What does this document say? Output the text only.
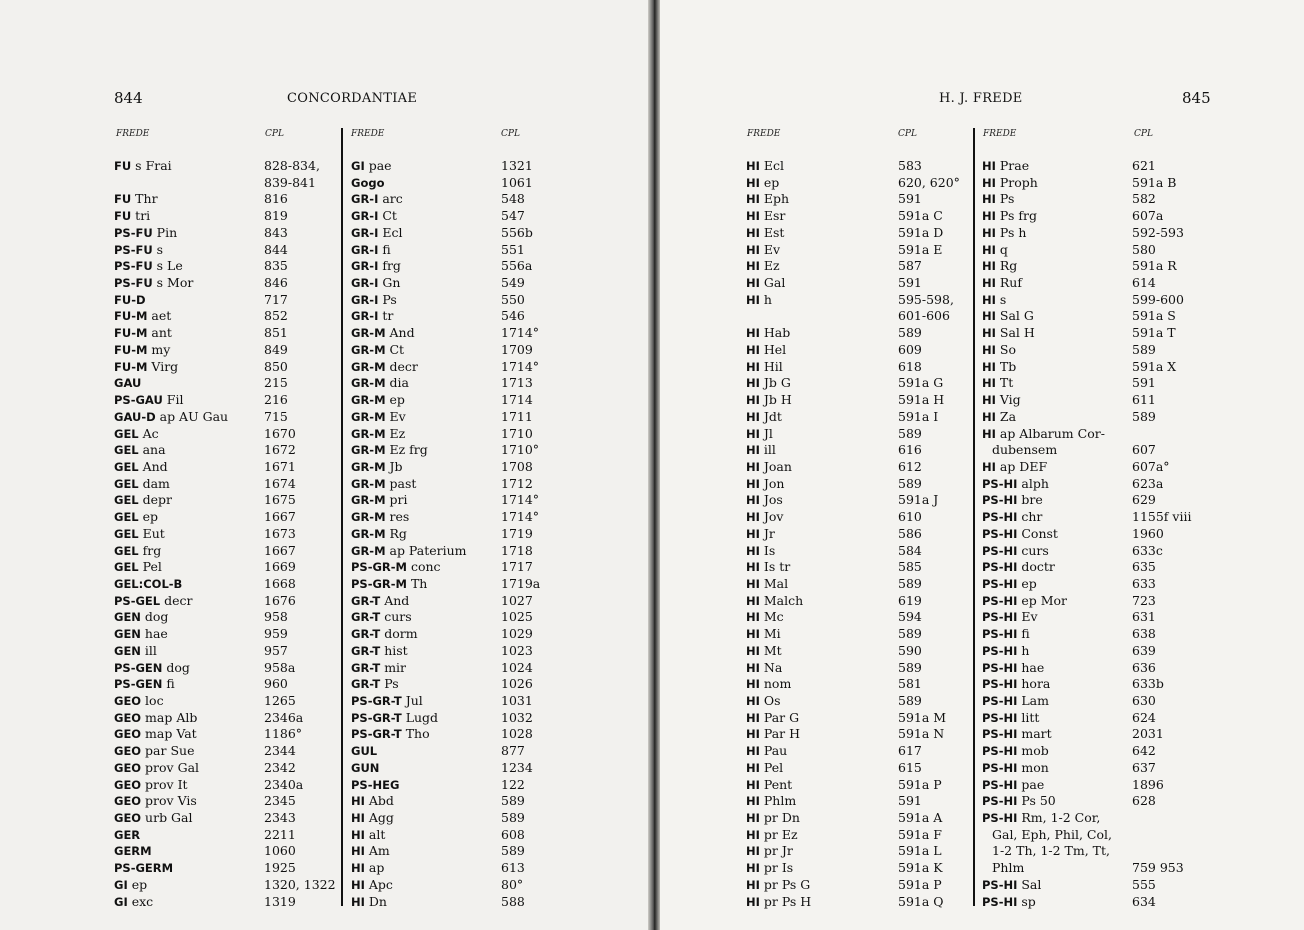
844	CONCORDANTIAE
FREDE	CPL	FREDE	CPL
FU s Frai	828-834,
839-841
FU Thr	816
FU tri	819
PS-FU Pin	843
PS-FU s	844
PS-FU s Le	835
PS-FU s Mor	846
FU-D	717
FU-M aet	852
FU-M ant	851
FU-M my	849
FU-M Virg	850
GAU	215
PS-GAU Fil	216
GAU-D ap AU Gau	715
GEL Ac	1670
GEL ana	1672
GEL And	1671
GEL dam	1674
GEL depr	1675
GEL ep	1667
GEL Eut	1673
GEL frg	1667
GEL Pel	1669
GEL:COL-B	1668
PS-GEL decr	1676
GEN dog	958
GEN hae	959
GEN ill	957
PS-GEN dog	958a
PS-GEN fi	960
GEO loc	1265
GEO map Alb	2346a
GEO map Vat	1186°
GEO par Sue	2344
GEO prov Gal	2342
GEO prov It	2340a
GEO prov Vis	2345
GEO urb Gal	2343
GER	2211
GERM	1060
PS-GERM	1925
GI ep	1320, 1322
GI exc	1319
GI pae	1321
Gogo	1061
GR-I arc	548
GR-I Ct	547
GR-I Ecl	556b
GR-I fi	551
GR-I frg	556a
GR-I Gn	549
GR-I Ps	550
GR-I tr	546
GR-M And	1714°
GR-M Ct	1709
GR-M decr	1714°
GR-M dia	1713
GR-M ep	1714
GR-M Ev	1711
GR-M Ez	1710
GR-M Ez frg	1710°
GR-M Jb	1708
GR-M past	1712
GR-M pri	1714°
GR-M res	1714°
GR-M Rg	1719
GR-M ap Paterium	1718
PS-GR-M conc	1717
PS-GR-M Th	1719a
GR-T And	1027
GR-T curs	1025
GR-T dorm	1029
GR-T hist	1023
GR-T mir	1024
GR-T Ps	1026
PS-GR-T Jul	1031
PS-GR-T Lugd	1032
PS-GR-T Tho	1028
GUL	877
GUN	1234
PS-HEG	122
HI Abd	589
HI Agg	589
HI alt	608
HI Am	589
HI ap	613
HI Apc	80°
HI Dn	588
H. J. FREDE	845
FREDE	CPL	FREDE	CPL
HI Ecl	583
HI ep	620, 620°
HI Eph	591
HI Esr	591a C
HI Est	591a D
HI Ev	591a E
HI Ez	587
HI Gal	591
HI h	595-598,
601-606
HI Hab	589
HI Hel	609
HI Hil	618
HI Jb G	591a G
HI Jb H	591a H
HI Jdt	591a I
HI Jl	589
HI ill	616
HI Joan	612
HI Jon	589
HI Jos	591a J
HI Jov	610
HI Jr	586
HI Is	584
HI Is tr	585
HI Mal	589
HI Malch	619
HI Mc	594
HI Mi	589
HI Mt	590
HI Na	589
HI nom	581
HI Os	589
HI Par G	591a M
HI Par H	591a N
HI Pau	617
HI Pel	615
HI Pent	591a P
HI Phlm	591
HI pr Dn	591a A
HI pr Ez	591a F
HI pr Jr	591a L
HI pr Is	591a K
HI pr Ps G	591a P
HI pr Ps H	591a Q
HI Prae	621
HI Proph	591a B
HI Ps	582
HI Ps frg	607a
HI Ps h	592-593
HI q	580
HI Rg	591a R
HI Ruf	614
HI s	599-600
HI Sal G	591a S
HI Sal H	591a T
HI So	589
HI Tb	591a X
HI Tt	591
HI Vig	611
HI Za	589
HI ap Albarum Cor-
dubensem	607
HI ap DEF	607a°
PS-HI alph	623a
PS-HI bre	629
PS-HI chr	1155f viii
PS-HI Const	1960
PS-HI curs	633c
PS-HI doctr	635
PS-HI ep	633
PS-HI ep Mor	723
PS-HI Ev	631
PS-HI fi	638
PS-HI h	639
PS-HI hae	636
PS-HI hora	633b
PS-HI Lam	630
PS-HI litt	624
PS-HI mart	2031
PS-HI mob	642
PS-HI mon	637
PS-HI pae	1896
PS-HI Ps 50	628
PS-HI Rm, 1-2 Cor,
Gal, Eph, Phil, Col,
1-2 Th, 1-2 Tm, Tt,
Phlm	759 953
PS-HI Sal	555
PS-HI sp	634
